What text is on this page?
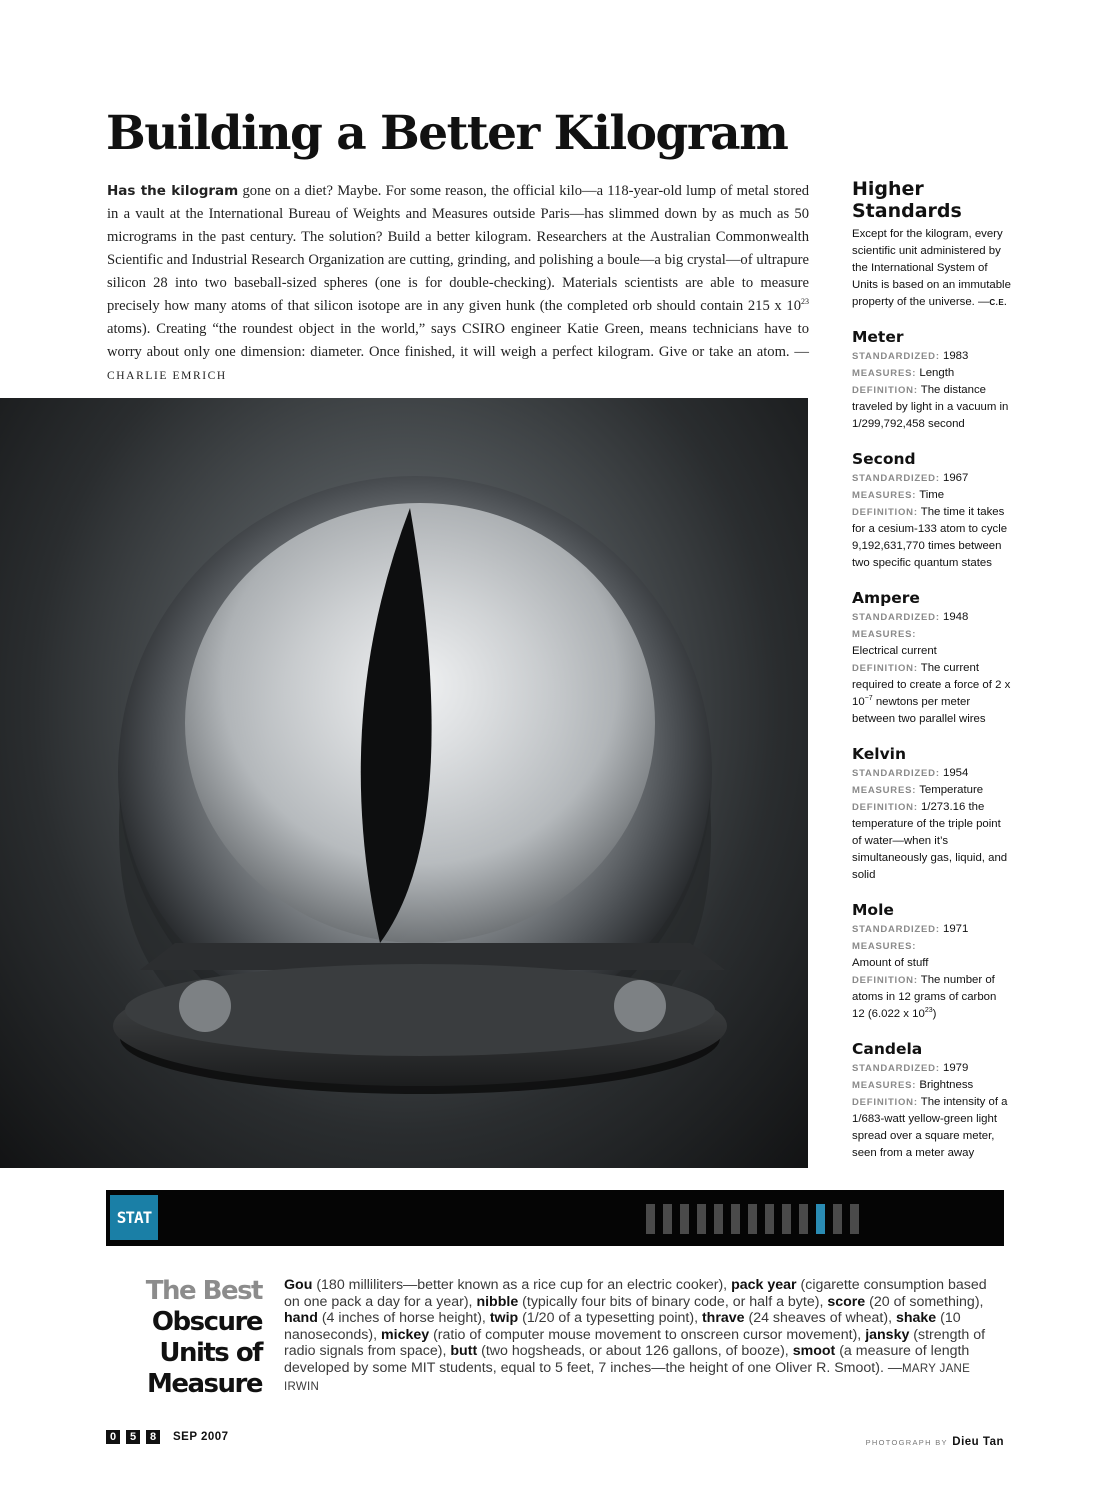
Building a Better Kilogram
Has the kilogram gone on a diet? Maybe. For some reason, the official kilo—a 118-year-old lump of metal stored in a vault at the International Bureau of Weights and Measures outside Paris—has slimmed down by as much as 50 micrograms in the past century. The solution? Build a better kilogram. Researchers at the Australian Commonwealth Scientific and Industrial Research Organization are cutting, grinding, and polishing a boule—a big crystal—of ultrapure silicon 28 into two baseball-sized spheres (one is for double-checking). Materials scientists are able to measure precisely how many atoms of that silicon isotope are in any given hunk (the completed orb should contain 215 x $10^{23}$ atoms). Creating “the roundest object in the world,” says CSIRO engineer Katie Green, means technicians have to worry about only one dimension: diameter. Once finished, it will weigh a perfect kilogram. Give or take an atom. —CHARLIE EMRICH
Higher
Standards
Except for the kilogram, every scientific unit administered by the International System of Units is based on an immutable property of the universe. —C.E.
Meter
STANDARDIZED: 1983
MEASURES: Length
DEFINITION: The distance traveled by light in a vacuum in 1/299,792,458 second
Second
STANDARDIZED: 1967
MEASURES: Time
DEFINITION: The time it takes for a cesium-133 atom to cycle 9,192,631,770 times between two specific quantum states
Ampere
STANDARDIZED: 1948
MEASURES:
Electrical current
DEFINITION: The current required to create a force of 2 x $10^{-7}$ newtons per meter between two parallel wires
Kelvin
STANDARDIZED: 1954
MEASURES: Temperature
DEFINITION: 1/273.16 the temperature of the triple point of water—when it’s simultaneously gas, liquid, and solid
Mole
STANDARDIZED: 1971
MEASURES:
Amount of stuff
DEFINITION: The number of atoms in 12 grams of carbon 12 (6.022 x $10^{23}$)
Candela
STANDARDIZED: 1979
MEASURES: Brightness
DEFINITION: The intensity of a 1/683-watt yellow-green light spread over a square meter, seen from a meter away
STAT
The Best
Obscure
Units of
Measure
Gou (180 milliliters—better known as a rice cup for an electric cooker), pack year (cigarette consumption based on one pack a day for a year), nibble (typically four bits of binary code, or half a byte), score (20 of something), hand (4 inches of horse height), twip (1/20 of a typesetting point), thrave (24 sheaves of wheat), shake (10 nanoseconds), mickey (ratio of computer mouse movement to onscreen cursor movement), jansky (strength of radio signals from space), butt (two hogsheads, or about 126 gallons, of booze), smoot (a measure of length developed by some MIT students, equal to 5 feet, 7 inches—the height of one Oliver R. Smoot). —MARY JANE IRWIN
0	5	8	SEP 2007	PHOTOGRAPH BY Dieu Tan
